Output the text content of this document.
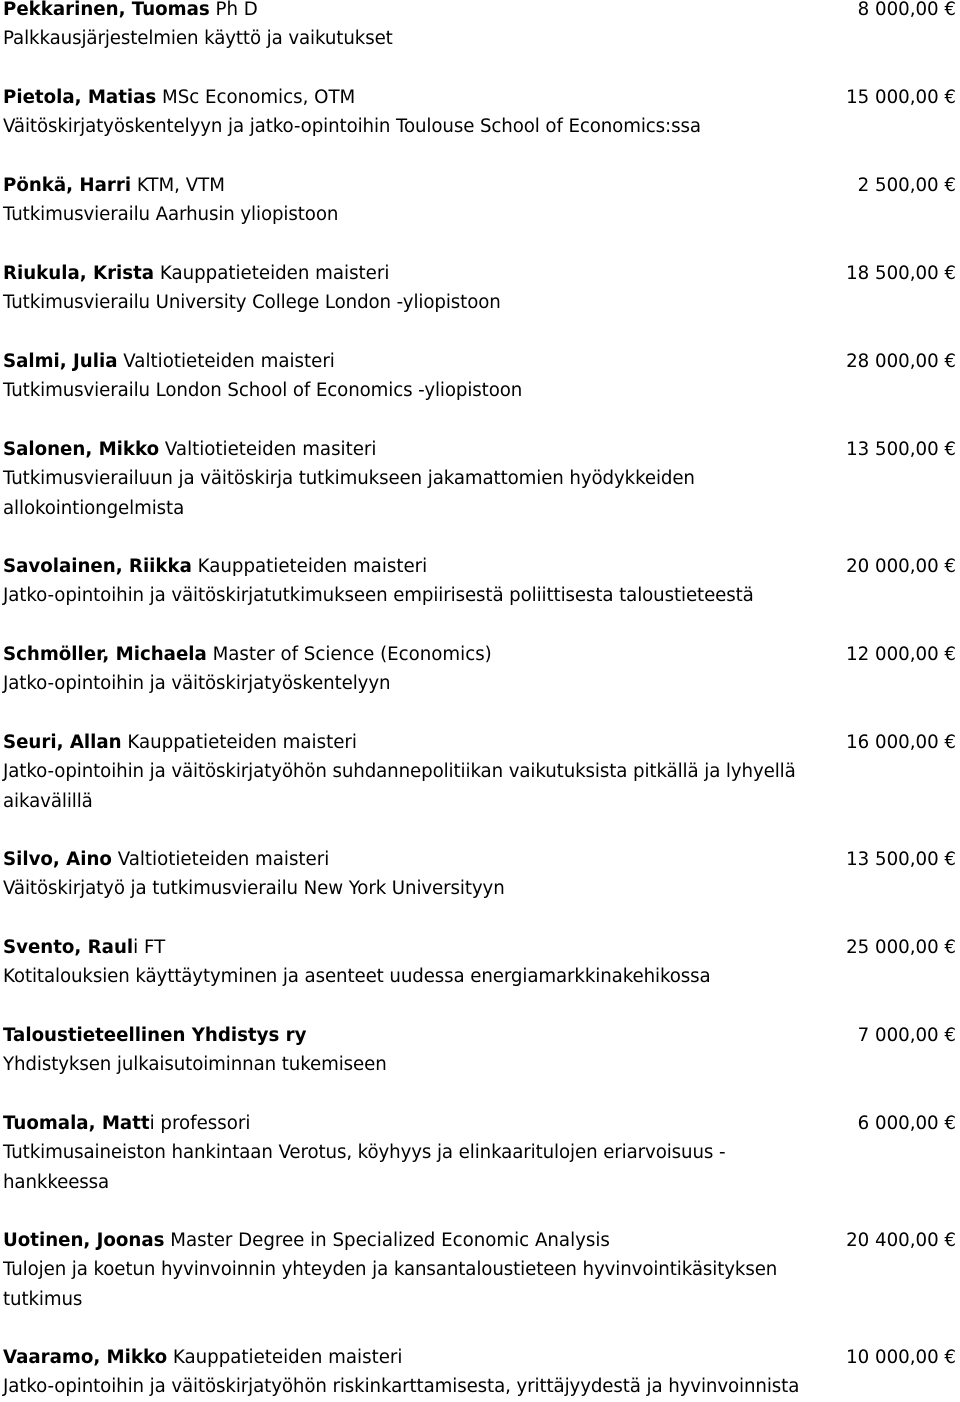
Pekkarinen, Tuomas Ph D	8 000,00 €
Palkkausjärjestelmien käyttö ja vaikutukset
Pietola, Matias MSc Economics, OTM	15 000,00 €
Väitöskirjatyöskentelyyn ja jatko-opintoihin Toulouse School of Economics:ssa
Pönkä, Harri KTM, VTM	2 500,00 €
Tutkimusvierailu Aarhusin yliopistoon
Riukula, Krista Kauppatieteiden maisteri	18 500,00 €
Tutkimusvierailu University College London -yliopistoon
Salmi, Julia Valtiotieteiden maisteri	28 000,00 €
Tutkimusvierailu London School of Economics -yliopistoon
Salonen, Mikko Valtiotieteiden masiteri	13 500,00 €
Tutkimusvierailuun ja väitöskirja tutkimukseen jakamattomien hyödykkeiden
allokointiongelmista
Savolainen, Riikka Kauppatieteiden maisteri	20 000,00 €
Jatko-opintoihin ja väitöskirjatutkimukseen empiirisestä poliittisesta taloustieteestä
Schmöller, Michaela Master of Science (Economics)	12 000,00 €
Jatko-opintoihin ja väitöskirjatyöskentelyyn
Seuri, Allan Kauppatieteiden maisteri	16 000,00 €
Jatko-opintoihin ja väitöskirjatyöhön suhdannepolitiikan vaikutuksista pitkällä ja lyhyellä
aikavälillä
Silvo, Aino Valtiotieteiden maisteri	13 500,00 €
Väitöskirjatyö ja tutkimusvierailu New York Universityyn
Svento, Rauli FT	25 000,00 €
Kotitalouksien käyttäytyminen ja asenteet uudessa energiamarkkinakehikossa
Taloustieteellinen Yhdistys ry	7 000,00 €
Yhdistyksen julkaisutoiminnan tukemiseen
Tuomala, Matti professori	6 000,00 €
Tutkimusaineiston hankintaan Verotus, köyhyys ja elinkaaritulojen eriarvoisuus -
hankkeessa
Uotinen, Joonas Master Degree in Specialized Economic Analysis	20 400,00 €
Tulojen ja koetun hyvinvoinnin yhteyden ja kansantaloustieteen hyvinvointikäsityksen
tutkimus
Vaaramo, Mikko Kauppatieteiden maisteri	10 000,00 €
Jatko-opintoihin ja väitöskirjatyöhön riskinkarttamisesta, yrittäjyydestä ja hyvinvoinnista
